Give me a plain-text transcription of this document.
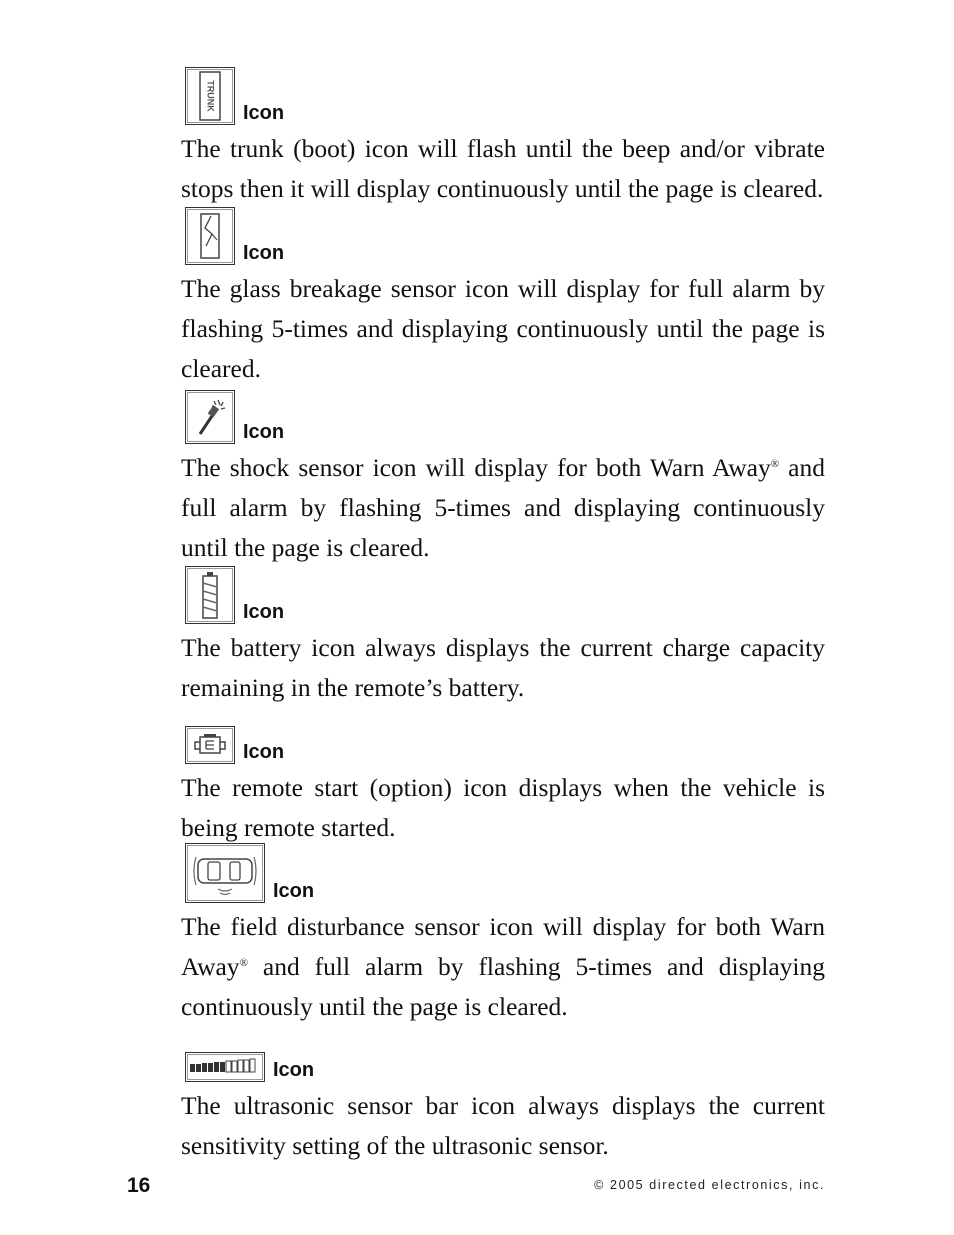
TRUNK
Icon

The trunk (boot) icon will flash until the beep and/or vibrate stops then it will display continuously until the page is cleared.

Icon

The glass breakage sensor icon will display for full alarm by flashing 5-times and displaying continuously until the page is cleared.

Icon

The shock sensor icon will display for both Warn Away® and full alarm by flashing 5-times and displaying continuously until the page is cleared.

Icon

The battery icon always displays the current charge capacity remaining in the remote’s battery.

Icon

The remote start (option) icon displays when the vehicle is being remote started.

Icon

The field disturbance sensor icon will display for both Warn Away® and full alarm by flashing 5-times and displaying continuously until the page is cleared.

Icon

The ultrasonic sensor bar icon always displays the current sensitivity setting of the ultrasonic sensor.

16	© 2005 directed electronics, inc.
